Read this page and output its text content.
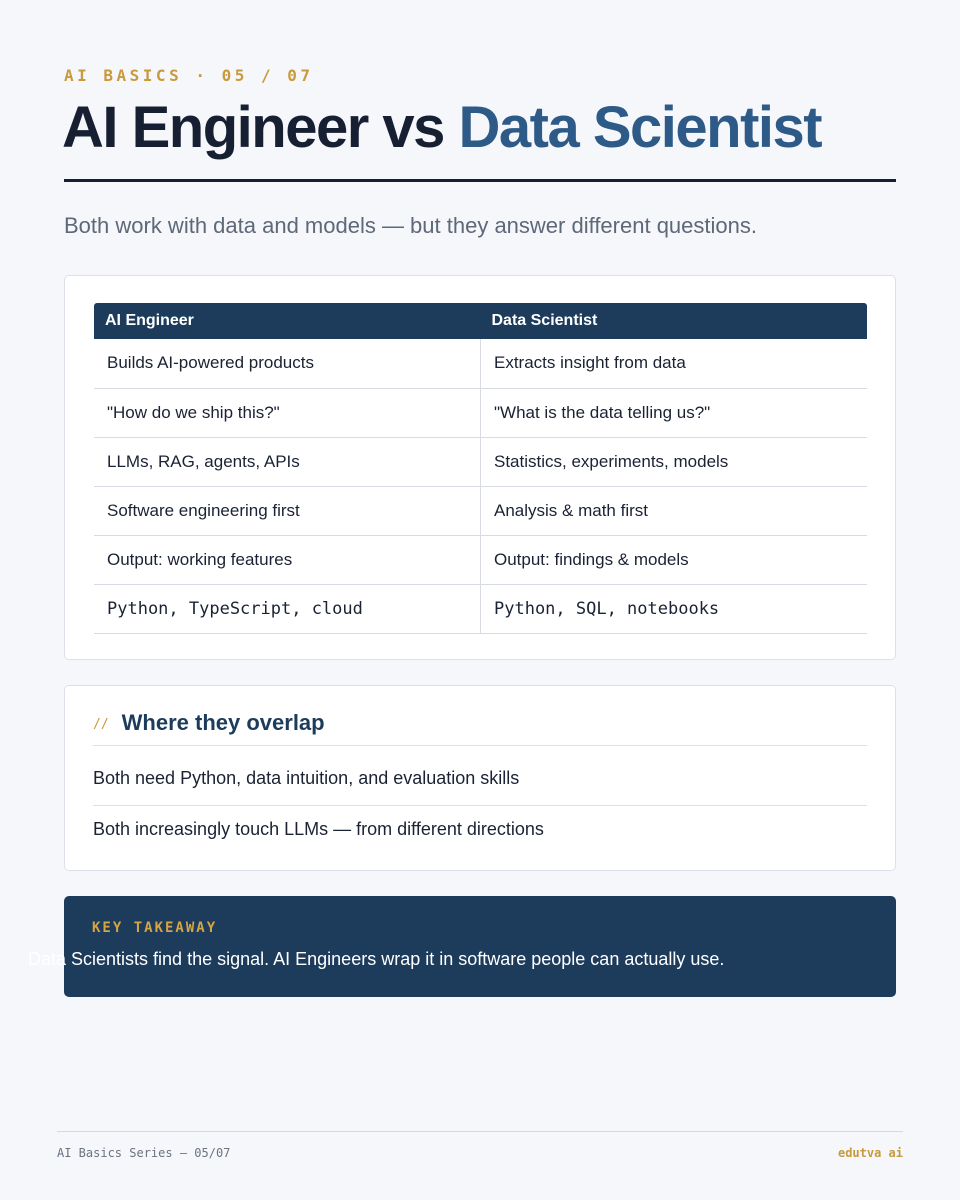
AI BASICS · 05 / 07
AI Engineer vs Data Scientist

Both work with data and models — but they answer different questions.

AI Engineer	Data Scientist
Builds AI-powered products	Extracts insight from data
"How do we ship this?"	"What is the data telling us?"
LLMs, RAG, agents, APIs	Statistics, experiments, models
Software engineering first	Analysis & math first
Output: working features	Output: findings & models
Python, TypeScript, cloud	Python, SQL, notebooks
// Where they overlap
Both need Python, data intuition, and evaluation skills
Both increasingly touch LLMs — from different directions
KEY TAKEAWAY

Data Scientists find the signal. AI Engineers wrap it in software people can actually use.

AI Basics Series — 05/07	edutva ai
